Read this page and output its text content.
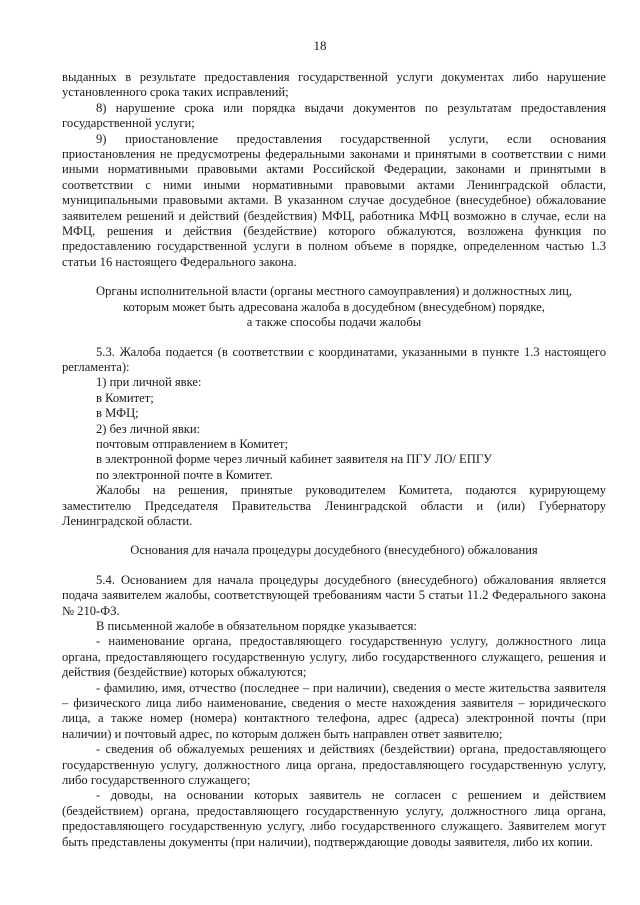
18

выданных в результате предоставления государственной услуги документах либо нарушение установленного срока таких исправлений;

8) нарушение срока или порядка выдачи документов по результатам предоставления государственной услуги;

9) приостановление предоставления государственной услуги, если основания приостановления не предусмотрены федеральными законами и принятыми в соответствии с ними иными нормативными правовыми актами Российской Федерации, законами и принятыми в соответствии с ними иными нормативными правовыми актами Ленинградской области, муниципальными правовыми актами. В указанном случае досудебное (внесудебное) обжалование заявителем решений и действий (бездействия) МФЦ, работника МФЦ возможно в случае, если на МФЦ, решения и действия (бездействие) которого обжалуются, возложена функция по предоставлению государственной услуги в полном объеме в порядке, определенном частью 1.3 статьи 16 настоящего Федерального закона.

Органы исполнительной власти (органы местного самоуправления) и должностных лиц,

которым может быть адресована жалоба в досудебном (внесудебном) порядке,

а также способы подачи жалобы

5.3. Жалоба подается (в соответствии с координатами, указанными в пункте 1.3 настоящего регламента):

1) при личной явке:

в Комитет;

в МФЦ;

2) без личной явки:

почтовым отправлением в Комитет;

в электронной форме через личный кабинет заявителя на ПГУ ЛО/ ЕПГУ

по электронной почте в Комитет.

Жалобы на решения, принятые руководителем Комитета, подаются курирующему заместителю Председателя Правительства Ленинградской области и (или) Губернатору Ленинградской области.

Основания для начала процедуры досудебного (внесудебного) обжалования

5.4. Основанием для начала процедуры досудебного (внесудебного) обжалования является подача заявителем жалобы, соответствующей требованиям части 5 статьи 11.2 Федерального закона № 210-ФЗ.

В письменной жалобе в обязательном порядке указывается:

- наименование органа, предоставляющего государственную услугу, должностного лица органа, предоставляющего государственную услугу, либо государственного служащего, решения и действия (бездействие) которых обжалуются;

- фамилию, имя, отчество (последнее – при наличии), сведения о месте жительства заявителя – физического лица либо наименование, сведения о месте нахождения заявителя – юридического лица, а также номер (номера) контактного телефона, адрес (адреса) электронной почты (при наличии) и почтовый адрес, по которым должен быть направлен ответ заявителю;

- сведения об обжалуемых решениях и действиях (бездействии) органа, предоставляющего государственную услугу, должностного лица органа, предоставляющего государственную услугу, либо государственного служащего;

- доводы, на основании которых заявитель не согласен с решением и действием (бездействием) органа, предоставляющего государственную услугу, должностного лица органа, предоставляющего государственную услугу, либо государственного служащего. Заявителем могут быть представлены документы (при наличии), подтверждающие доводы заявителя, либо их копии.
